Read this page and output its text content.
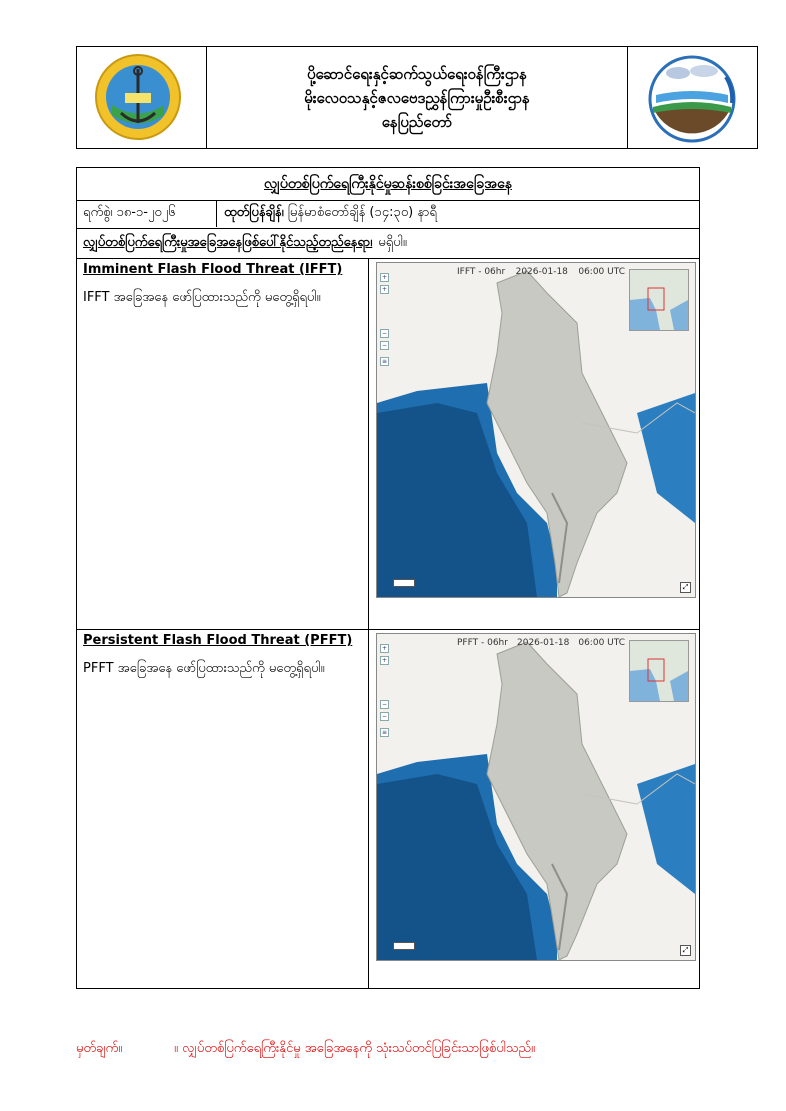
ပို့ဆောင်ရေးနှင့်ဆက်သွယ်ရေးဝန်ကြီးဌာန
မိုးလေဝသနှင့်ဇလဗေဒညွှန်ကြားမှုဦးစီးဌာန
နေပြည်တော်
လျှပ်တစ်ပြက်ရေကြီးနိုင်မှုဆန်းစစ်ခြင်းအခြေအနေ
ရက်စွဲ၊ ၁၈-၁-၂၀၂၆	ထုတ်ပြန်ချိန်၊ မြန်မာစံတော်ချိန် (၁၄:၃၀) နာရီ
လျှပ်တစ်ပြက်ရေကြီးမှုအခြေအနေဖြစ်ပေါ်နိုင်သည့်တည်နေရာ၊ မရှိပါ။
Imminent Flash Flood Threat (IFFT)
IFFT အခြေအနေ ဖော်ပြထားသည်ကို မတွေ့ရှိရပါ။
IFFT - 06hr 2026-01-18 06:00 UTC
+
+
−
−
≡
⤢
Persistent Flash Flood Threat (PFFT)
PFFT အခြေအနေ ဖော်ပြထားသည်ကို မတွေ့ရှိရပါ။
PFFT - 06hr 2026-01-18 06:00 UTC
+
+
−
−
≡
⤢
မှတ်ချက်။	။ လျှပ်တစ်ပြက်ရေကြီးနိုင်မှု အခြေအနေကို သုံးသပ်တင်ပြခြင်းသာဖြစ်ပါသည်။
